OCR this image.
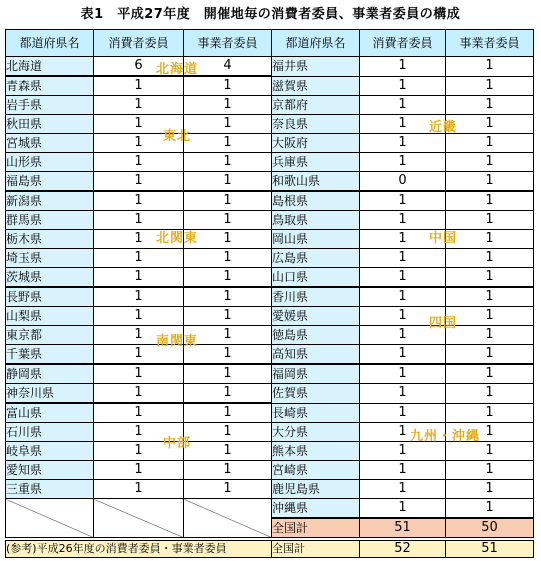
表1　平成27年度　開催地毎の消費者委員、事業者委員の構成
都道府県名	消費者委員	事業者委員	都道府県名	消費者委員	事業者委員
北海道	6	4	福井県	1	1
青森県	1	1	滋賀県	1	1
岩手県	1	1	京都府	1	1
秋田県	1	1	奈良県	1	1
宮城県	1	1	大阪府	1	1
山形県	1	1	兵庫県	1	1
福島県	1	1	和歌山県	0	1
新潟県	1	1	島根県	1	1
群馬県	1	1	鳥取県	1	1
栃木県	1	1	岡山県	1	1
埼玉県	1	1	広島県	1	1
茨城県	1	1	山口県	1	1
長野県	1	1	香川県	1	1
山梨県	1	1	愛媛県	1	1
東京都	1	1	徳島県	1	1
千葉県	1	1	高知県	1	1
静岡県	1	1	福岡県	1	1
神奈川県	1	1	佐賀県	1	1
富山県	1	1	長崎県	1	1
石川県	1	1	大分県	1	1
岐阜県	1	1	熊本県	1	1
愛知県	1	1	宮崎県	1	1
三重県	1	1	鹿児島県	1	1
			沖縄県	1	1
			全国計	51	50
北海道
東北
北関東
南関東
中部
近畿
中国
四国
九州・沖縄
(参考)平成26年度の消費者委員・事業者委員	全国計	52	51
